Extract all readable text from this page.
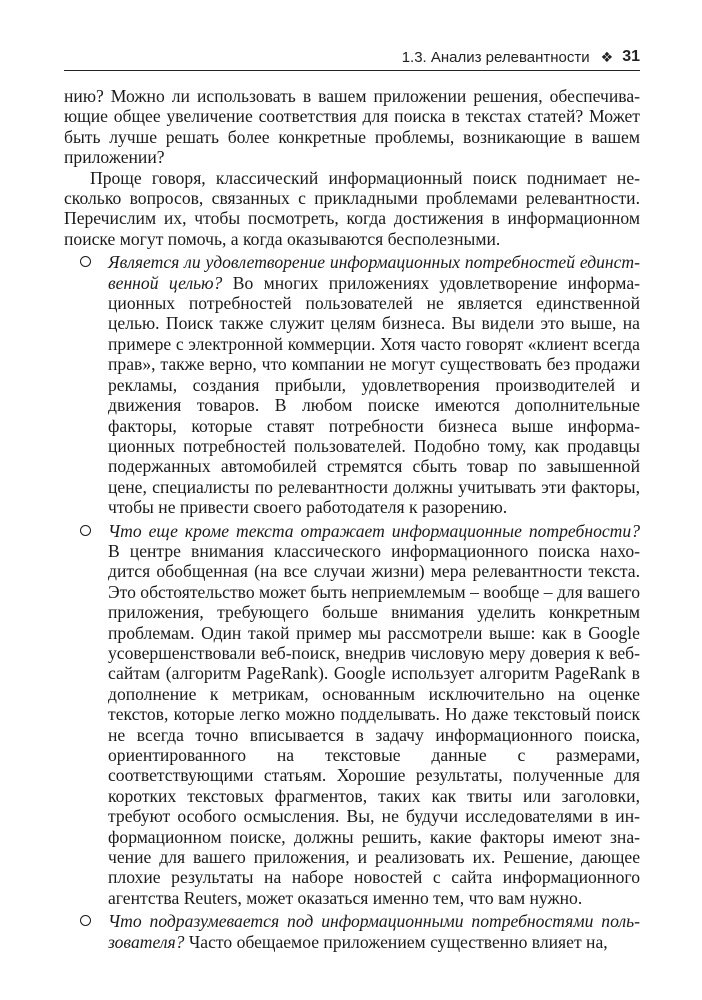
1.3. Анализ релевантности ❖ 31

нию? Можно ли использовать в вашем приложении решения, обеспечивающие общее увеличение соответствия для поиска в текстах статей? Может быть лучше решать более конкретные проблемы, возникающие в вашем приложении?

Проще говоря, классический информационный поиск поднимает несколько вопросов, связанных с прикладными проблемами релевантности. Перечислим их, чтобы посмотреть, когда достижения в информационном поиске могут помочь, а когда оказываются бесполезными.

Является ли удовлетворение информационных потребностей единственной целью? Во многих приложениях удовлетворение информационных потребностей пользователей не является единственной целью. Поиск также служит целям бизнеса. Вы видели это выше, на примере с электронной коммерции. Хотя часто говорят «клиент всегда прав», также верно, что компании не могут существовать без продажи рекламы, создания прибыли, удовлетворения производителей и движения товаров. В любом поиске имеются дополнительные факторы, которые ставят потребности бизнеса выше информационных потребностей пользователей. Подобно тому, как продавцы подержанных автомобилей стремятся сбыть товар по завышенной цене, специалисты по релевантности должны учитывать эти факторы, чтобы не привести своего работодателя к разорению.

Что еще кроме текста отражает информационные потребности? В центре внимания классического информационного поиска находится обобщенная (на все случаи жизни) мера релевантности текста. Это обстоятельство может быть неприемлемым – вообще – для вашего приложения, требующего больше внимания уделить конкретным проблемам. Один такой пример мы рассмотрели выше: как в Google усовершенствовали веб-поиск, внедрив числовую меру доверия к веб-сайтам (алгоритм PageRank). Google использует алгоритм PageRank в дополнение к метрикам, основанным исключительно на оценке текстов, которые легко можно подделывать. Но даже текстовый поиск не всегда точно вписывается в задачу информационного поиска, ориентированного на текстовые данные с размерами, соответствующими статьям. Хорошие результаты, полученные для коротких текстовых фрагментов, таких как твиты или заголовки, требуют особого осмысления. Вы, не будучи исследователями в информационном поиске, должны решить, какие факторы имеют значение для вашего приложения, и реализовать их. Решение, дающее плохие результаты на наборе новостей с сайта информационного агентства Reuters, может оказаться именно тем, что вам нужно.

Что подразумевается под информационными потребностями пользователя? Часто обещаемое приложением существенно влияет на,
